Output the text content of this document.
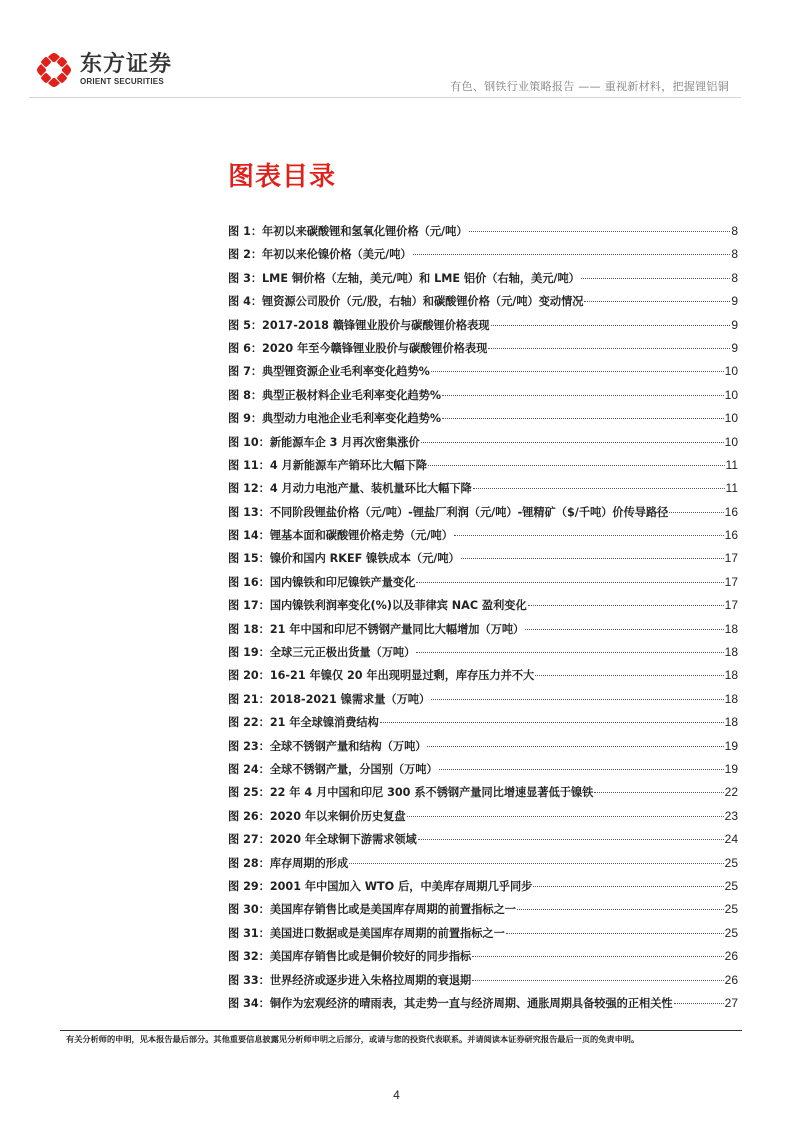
东方证券
ORIENT SECURITIES	有色、钢铁行业策略报告 —— 重视新材料，把握锂铝铜
图表目录
图 1：年初以来碳酸锂和氢氧化锂价格（元/吨）	8
图 2：年初以来伦镍价格（美元/吨）	8
图 3：LME 铜价格（左轴，美元/吨）和 LME 铝价（右轴，美元/吨）	8
图 4：锂资源公司股价（元/股，右轴）和碳酸锂价格（元/吨）变动情况	9
图 5：2017-2018 赣锋锂业股价与碳酸锂价格表现	9
图 6：2020 年至今赣锋锂业股价与碳酸锂价格表现	9
图 7：典型锂资源企业毛利率变化趋势%	10
图 8：典型正极材料企业毛利率变化趋势%	10
图 9：典型动力电池企业毛利率变化趋势%	10
图 10：新能源车企 3 月再次密集涨价	10
图 11：4 月新能源车产销环比大幅下降	11
图 12：4 月动力电池产量、装机量环比大幅下降	11
图 13：不同阶段锂盐价格（元/吨）-锂盐厂利润（元/吨）-锂精矿（$/千吨）价传导路径	16
图 14：锂基本面和碳酸锂价格走势（元/吨）	16
图 15：镍价和国内 RKEF 镍铁成本（元/吨）	17
图 16：国内镍铁和印尼镍铁产量变化	17
图 17：国内镍铁利润率变化(%)以及菲律宾 NAC 盈利变化	17
图 18：21 年中国和印尼不锈钢产量同比大幅增加（万吨）	18
图 19：全球三元正极出货量（万吨）	18
图 20：16-21 年镍仅 20 年出现明显过剩，库存压力并不大	18
图 21：2018-2021 镍需求量（万吨）	18
图 22：21 年全球镍消费结构	18
图 23：全球不锈钢产量和结构（万吨）	19
图 24：全球不锈钢产量，分国别（万吨）	19
图 25：22 年 4 月中国和印尼 300 系不锈钢产量同比增速显著低于镍铁	22
图 26：2020 年以来铜价历史复盘	23
图 27：2020 年全球铜下游需求领域	24
图 28：库存周期的形成	25
图 29：2001 年中国加入 WTO 后，中美库存周期几乎同步	25
图 30：美国库存销售比或是美国库存周期的前置指标之一	25
图 31：美国进口数据或是美国库存周期的前置指标之一	25
图 32：美国库存销售比或是铜价较好的同步指标	26
图 33：世界经济或逐步进入朱格拉周期的衰退期	26
图 34：铜作为宏观经济的晴雨表，其走势一直与经济周期、通胀周期具备较强的正相关性	27
有关分析师的申明，见本报告最后部分。其他重要信息披露见分析师申明之后部分，或请与您的投资代表联系。并请阅读本证券研究报告最后一页的免责申明。
4
